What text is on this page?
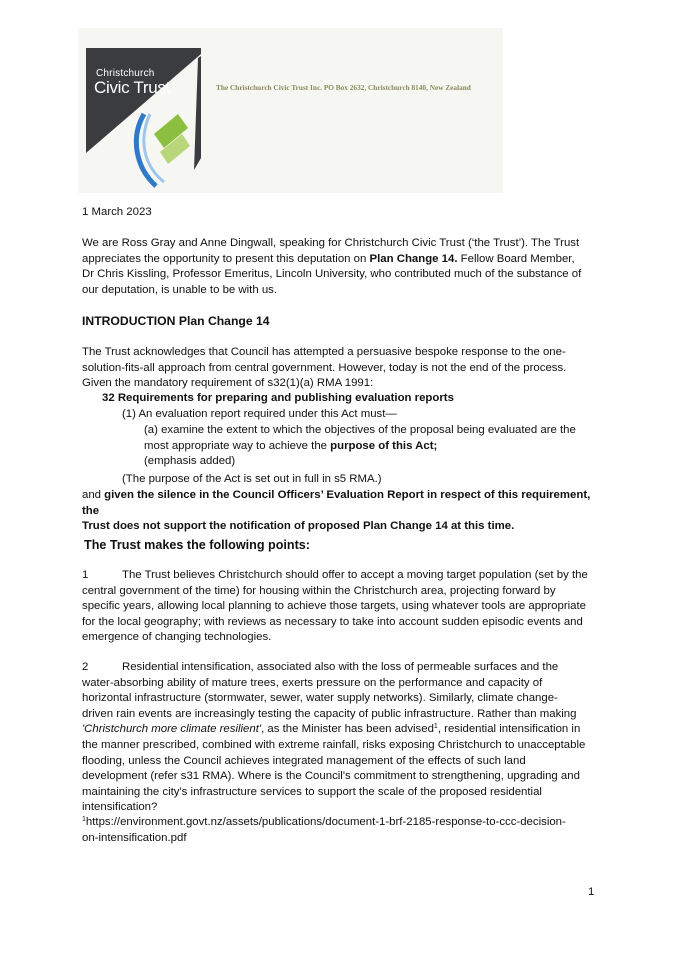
Christchurch
Civic Trust	The Christchurch Civic Trust Inc. PO Box 2632, Christchurch 8140, New Zealand
1 March 2023
We are Ross Gray and Anne Dingwall, speaking for Christchurch Civic Trust (‘the Trust’). The Trust
appreciates the opportunity to present this deputation on Plan Change 14. Fellow Board Member,
Dr Chris Kissling, Professor Emeritus, Lincoln University, who contributed much of the substance of
our deputation, is unable to be with us.
INTRODUCTION Plan Change 14
The Trust acknowledges that Council has attempted a persuasive bespoke response to the one-
solution-fits-all approach from central government. However, today is not the end of the process.
Given the mandatory requirement of s32(1)(a) RMA 1991:
32 Requirements for preparing and publishing evaluation reports
(1) An evaluation report required under this Act must—
(a) examine the extent to which the objectives of the proposal being evaluated are the
most appropriate way to achieve the purpose of this Act;
(emphasis added)
(The purpose of the Act is set out in full in s5 RMA.)
and given the silence in the Council Officers’ Evaluation Report in respect of this requirement, the
Trust does not support the notification of proposed Plan Change 14 at this time.
The Trust makes the following points:
1	The Trust believes Christchurch should offer to accept a moving target population (set by the
central government of the time) for housing within the Christchurch area, projecting forward by
specific years, allowing local planning to achieve those targets, using whatever tools are appropriate
for the local geography; with reviews as necessary to take into account sudden episodic events and
emergence of changing technologies.
2	Residential intensification, associated also with the loss of permeable surfaces and the
water-absorbing ability of mature trees, exerts pressure on the performance and capacity of
horizontal infrastructure (stormwater, sewer, water supply networks). Similarly, climate change-
driven rain events are increasingly testing the capacity of public infrastructure. Rather than making
'Christchurch more climate resilient', as the Minister has been advised$^1$, residential intensification in
the manner prescribed, combined with extreme rainfall, risks exposing Christchurch to unacceptable
flooding, unless the Council achieves integrated management of the effects of such land
development (refer s31 RMA). Where is the Council's commitment to strengthening, upgrading and
maintaining the city's infrastructure services to support the scale of the proposed residential
intensification?
$^1$https://environment.govt.nz/assets/publications/document-1-brf-2185-response-to-ccc-decision-
on-intensification.pdf
1
